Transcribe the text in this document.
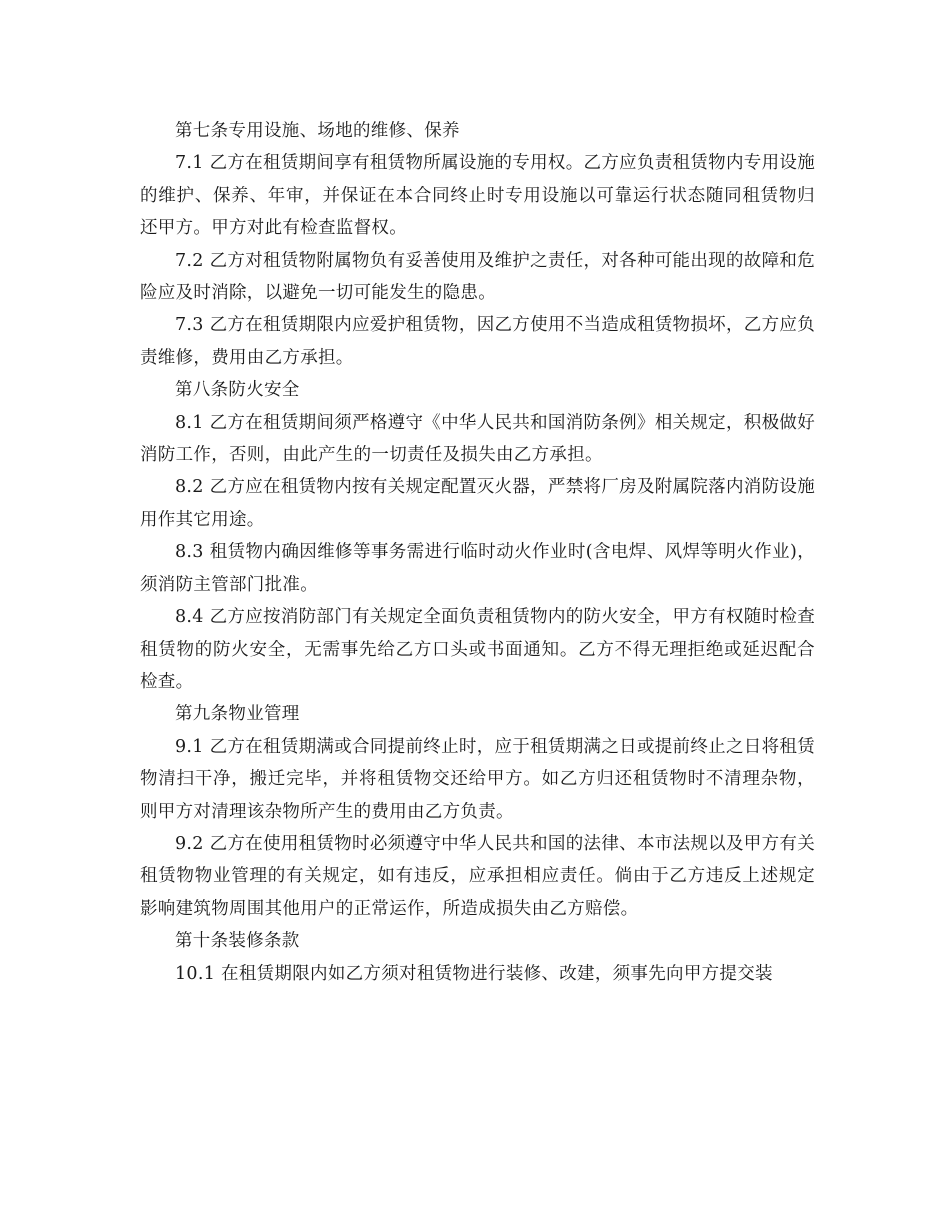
第七条专用设施、场地的维修、保养

7.1 乙方在租赁期间享有租赁物所属设施的专用权。乙方应负责租赁物内专用设施的维护、保养、年审，并保证在本合同终止时专用设施以可靠运行状态随同租赁物归还甲方。甲方对此有检查监督权。

7.2 乙方对租赁物附属物负有妥善使用及维护之责任，对各种可能出现的故障和危险应及时消除，以避免一切可能发生的隐患。

7.3 乙方在租赁期限内应爱护租赁物，因乙方使用不当造成租赁物损坏，乙方应负责维修，费用由乙方承担。

第八条防火安全

8.1 乙方在租赁期间须严格遵守《中华人民共和国消防条例》相关规定，积极做好消防工作，否则，由此产生的一切责任及损失由乙方承担。

8.2 乙方应在租赁物内按有关规定配置灭火器，严禁将厂房及附属院落内消防设施用作其它用途。

8.3 租赁物内确因维修等事务需进行临时动火作业时(含电焊、风焊等明火作业)，须消防主管部门批准。

8.4 乙方应按消防部门有关规定全面负责租赁物内的防火安全，甲方有权随时检查租赁物的防火安全，无需事先给乙方口头或书面通知。乙方不得无理拒绝或延迟配合检查。

第九条物业管理

9.1 乙方在租赁期满或合同提前终止时，应于租赁期满之日或提前终止之日将租赁物清扫干净，搬迁完毕，并将租赁物交还给甲方。如乙方归还租赁物时不清理杂物，则甲方对清理该杂物所产生的费用由乙方负责。

9.2 乙方在使用租赁物时必须遵守中华人民共和国的法律、本市法规以及甲方有关租赁物物业管理的有关规定，如有违反，应承担相应责任。倘由于乙方违反上述规定影响建筑物周围其他用户的正常运作，所造成损失由乙方赔偿。

第十条装修条款

10.1 在租赁期限内如乙方须对租赁物进行装修、改建，须事先向甲方提交装
